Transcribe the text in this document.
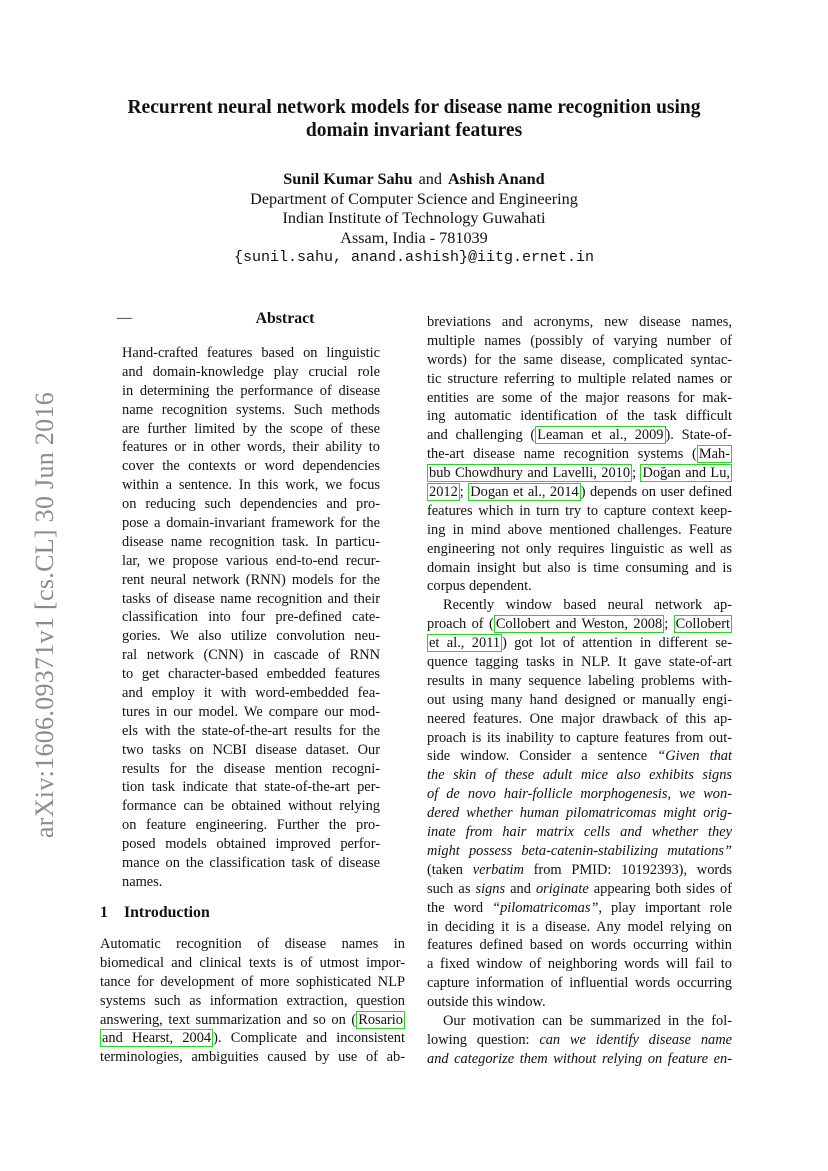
arXiv:1606.09371v1 [cs.CL] 30 Jun 2016
Recurrent neural network models for disease name recognition using
domain invariant features
Sunil Kumar Sahu and Ashish Anand
Department of Computer Science and Engineering
Indian Institute of Technology Guwahati
Assam, India - 781039
{sunil.sahu, anand.ashish}@iitg.ernet.in
—	Abstract
Hand-crafted features based on linguistic
and domain-knowledge play crucial role
in determining the performance of disease
name recognition systems. Such methods
are further limited by the scope of these
features or in other words, their ability to
cover the contexts or word dependencies
within a sentence. In this work, we focus
on reducing such dependencies and pro-
pose a domain-invariant framework for the
disease name recognition task. In particu-
lar, we propose various end-to-end recur-
rent neural network (RNN) models for the
tasks of disease name recognition and their
classification into four pre-defined cate-
gories. We also utilize convolution neu-
ral network (CNN) in cascade of RNN
to get character-based embedded features
and employ it with word-embedded fea-
tures in our model. We compare our mod-
els with the state-of-the-art results for the
two tasks on NCBI disease dataset. Our
results for the disease mention recogni-
tion task indicate that state-of-the-art per-
formance can be obtained without relying
on feature engineering. Further the pro-
posed models obtained improved perfor-
mance on the classification task of disease
names.
1 Introduction
Automatic recognition of disease names in
biomedical and clinical texts is of utmost impor-
tance for development of more sophisticated NLP
systems such as information extraction, question
answering, text summarization and so on ( Rosario
and Hearst, 2004 ). Complicate and inconsistent
terminologies, ambiguities caused by use of ab-
breviations and acronyms, new disease names,
multiple names (possibly of varying number of
words) for the same disease, complicated syntac-
tic structure referring to multiple related names or
entities are some of the major reasons for mak-
ing automatic identification of the task difficult
and challenging ( Leaman et al., 2009 ). State-of-
the-art disease name recognition systems ( Mah-
bub Chowdhury and Lavelli, 2010 ; Doğan and Lu,
2012 ; Dogan et al., 2014 ) depends on user defined
features which in turn try to capture context keep-
ing in mind above mentioned challenges. Feature
engineering not only requires linguistic as well as
domain insight but also is time consuming and is
corpus dependent.
Recently window based neural network ap-
proach of ( Collobert and Weston, 2008 ; Collobert
et al., 2011 ) got lot of attention in different se-
quence tagging tasks in NLP. It gave state-of-art
results in many sequence labeling problems with-
out using many hand designed or manually engi-
neered features. One major drawback of this ap-
proach is its inability to capture features from out-
side window. Consider a sentence “Given that
the skin of these adult mice also exhibits signs
of de novo hair-follicle morphogenesis, we won-
dered whether human pilomatricomas might orig-
inate from hair matrix cells and whether they
might possess beta-catenin-stabilizing mutations”
(taken verbatim from PMID: 10192393), words
such as signs and originate appearing both sides of
the word “pilomatricomas”, play important role
in deciding it is a disease. Any model relying on
features defined based on words occurring within
a fixed window of neighboring words will fail to
capture information of influential words occurring
outside this window.
Our motivation can be summarized in the fol-
lowing question: can we identify disease name
and categorize them without relying on feature en-
